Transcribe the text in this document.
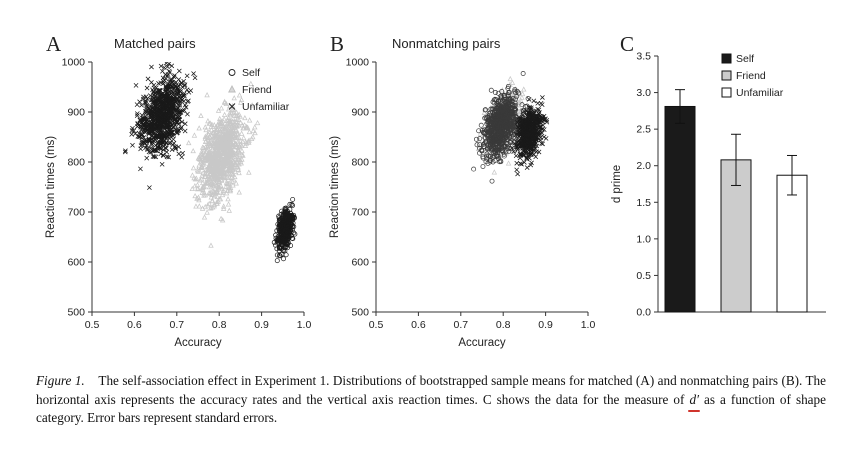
A	Matched pairs
500
600
700
800
900
1000
0.5	0.6	0.7	0.8	0.9	1.0
Accuracy
Reaction times (ms)
Self
Friend
Unfamiliar
B	Nonmatching pairs
500
600
700
800
900
1000
0.5	0.6	0.7	0.8	0.9	1.0
Accuracy
Reaction times (ms)
C
0.0
0.5
1.0
1.5
2.0
2.5
3.0
3.5
d prime
Self
Friend
Unfamiliar
Figure 1. The self-association effect in Experiment 1. Distributions of bootstrapped sample means for matched (A) and nonmatching pairs (B). The horizontal axis represents the accuracy rates and the vertical axis reaction times. C shows the data for the measure of d′ as a function of shape category. Error bars represent standard errors.
